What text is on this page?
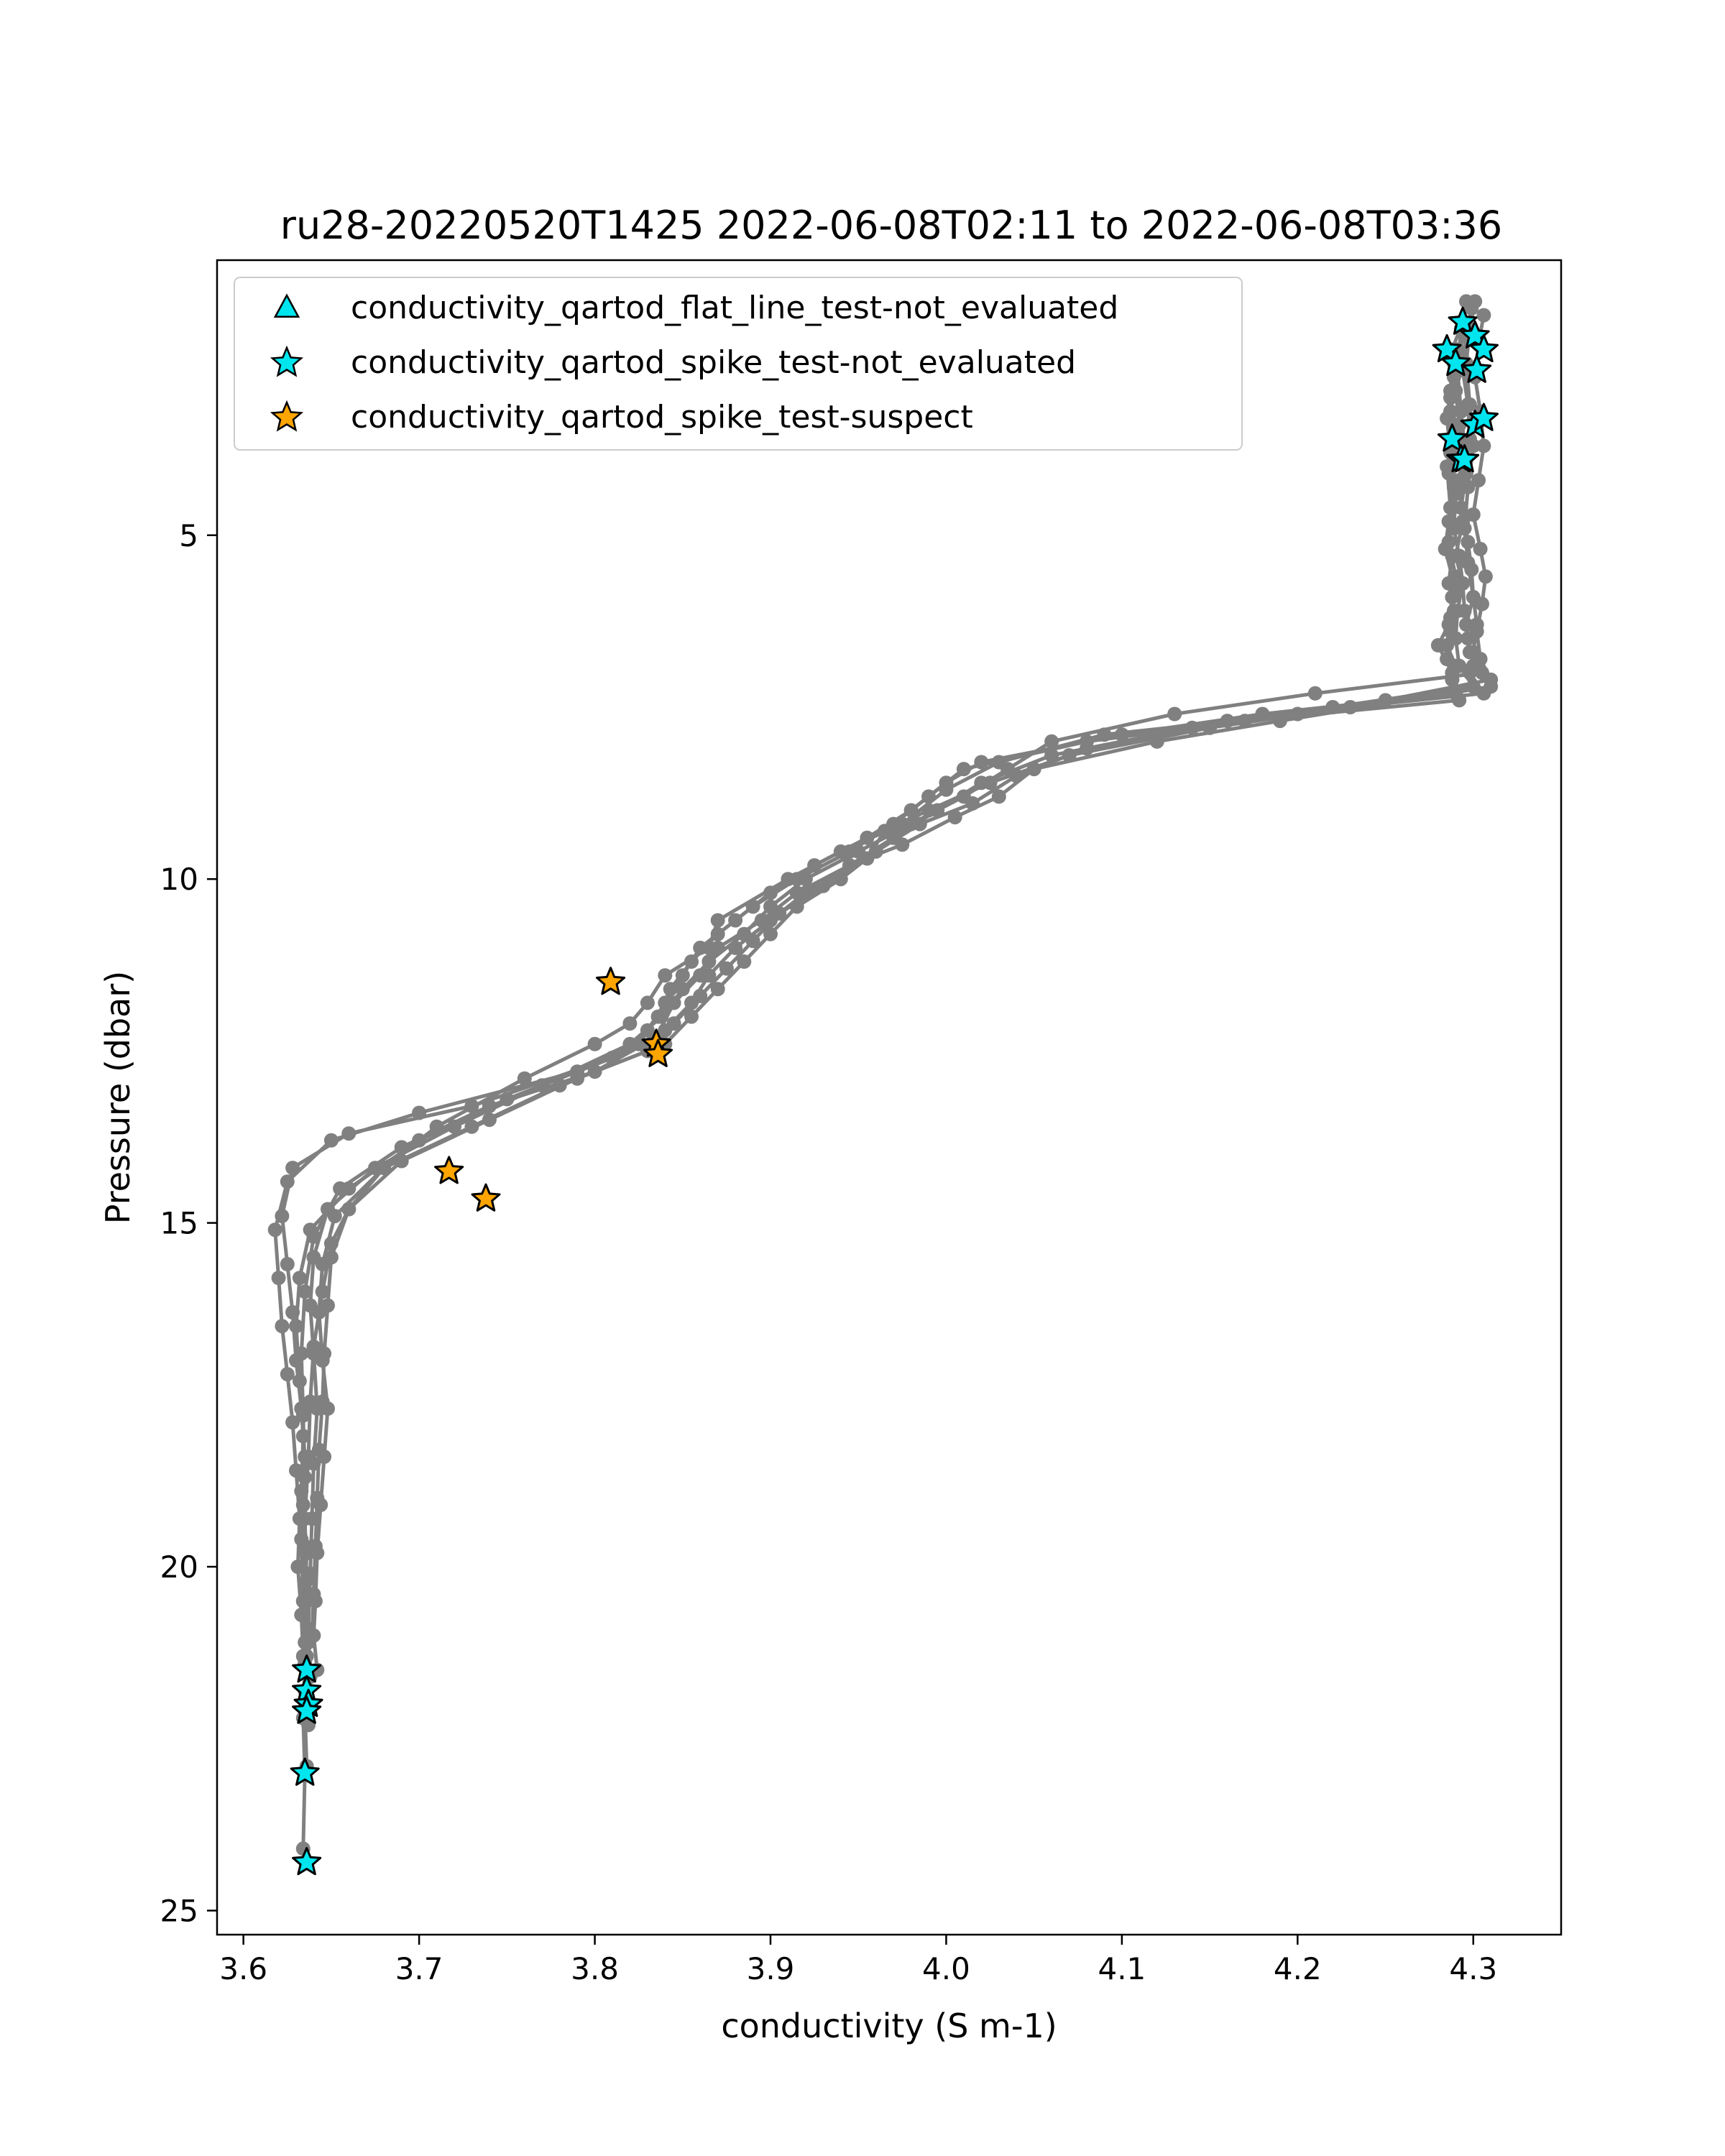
ru28-20220520T1425 2022-06-08T02:11 to 2022-06-08T03:36
3.6	3.7	3.8	3.9	4.0	4.1	4.2	4.3
5
10
15
20
25
conductivity (S m-1)
Pressure (dbar)
conductivity_qartod_flat_line_test-not_evaluated
conductivity_qartod_spike_test-not_evaluated
conductivity_qartod_spike_test-suspect
